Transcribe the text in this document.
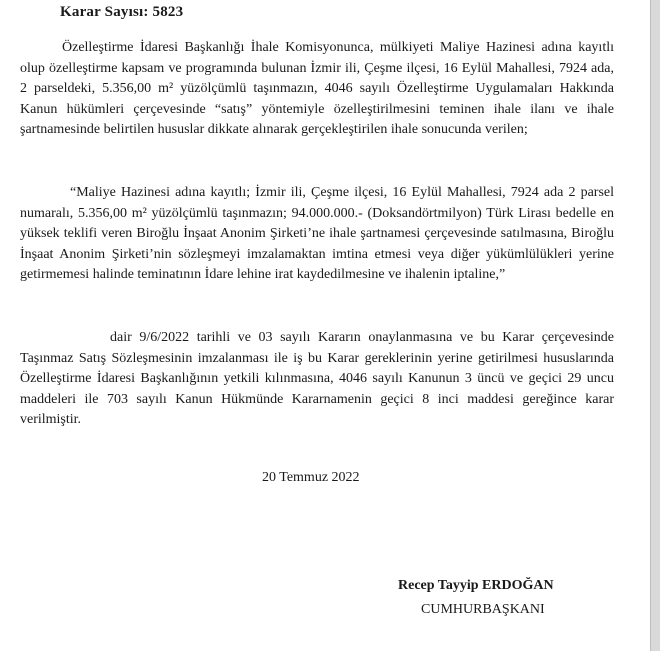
Karar Sayısı: 5823

Özelleştirme İdaresi Başkanlığı İhale Komisyonunca, mülkiyeti Maliye Hazinesi adına kayıtlı olup özelleştirme kapsam ve programında bulunan İzmir ili, Çeşme ilçesi, 16 Eylül Mahallesi, 7924 ada, 2 parseldeki, 5.356,00 m² yüzölçümlü taşınmazın, 4046 sayılı Özelleştirme Uygulamaları Hakkında Kanun hükümleri çerçevesinde “satış” yöntemiyle özelleştirilmesini teminen ihale ilanı ve ihale şartnamesinde belirtilen hususlar dikkate alınarak gerçekleştirilen ihale sonucunda verilen;

“Maliye Hazinesi adına kayıtlı; İzmir ili, Çeşme ilçesi, 16 Eylül Mahallesi, 7924 ada 2 parsel numaralı, 5.356,00 m² yüzölçümlü taşınmazın; 94.000.000.- (Doksandörtmilyon) Türk Lirası bedelle en yüksek teklifi veren Biroğlu İnşaat Anonim Şirketi’ne ihale şartnamesi çerçevesinde satılmasına, Biroğlu İnşaat Anonim Şirketi’nin sözleşmeyi imzalamaktan imtina etmesi veya diğer yükümlülükleri yerine getirmemesi halinde teminatının İdare lehine irat kaydedilmesine ve ihalenin iptaline,”

dair 9/6/2022 tarihli ve 03 sayılı Kararın onaylanmasına ve bu Karar çerçevesinde Taşınmaz Satış Sözleşmesinin imzalanması ile iş bu Karar gereklerinin yerine getirilmesi hususlarında Özelleştirme İdaresi Başkanlığının yetkili kılınmasına, 4046 sayılı Kanunun 3 üncü ve geçici 29 uncu maddeleri ile 703 sayılı Kanun Hükmünde Kararnamenin geçici 8 inci maddesi gereğince karar verilmiştir.

20 Temmuz 2022
Recep Tayyip ERDOĞAN
CUMHURBAŞKANI
